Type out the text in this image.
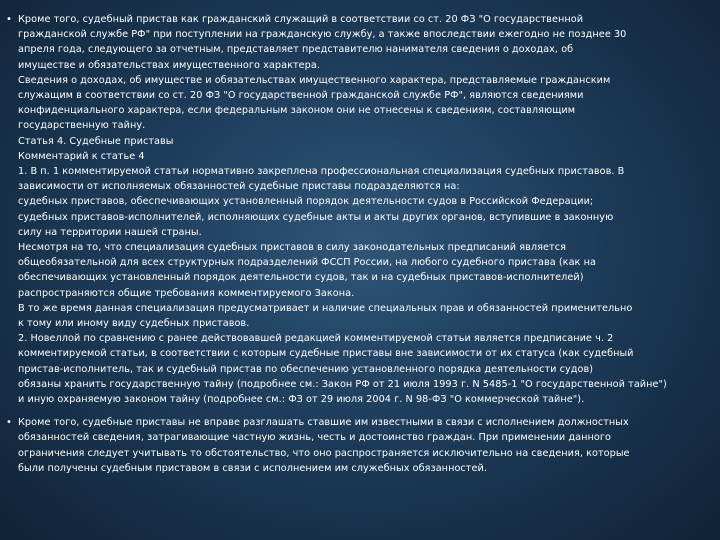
• Кроме того, судебный пристав как гражданский служащий в соответствии со ст. 20 ФЗ "О государственной
гражданской службе РФ" при поступлении на гражданскую службу, а также впоследствии ежегодно не позднее 30
апреля года, следующего за отчетным, представляет представителю нанимателя сведения о доходах, об
имуществе и обязательствах имущественного характера.
Сведения о доходах, об имуществе и обязательствах имущественного характера, представляемые гражданским
служащим в соответствии со ст. 20 ФЗ "О государственной гражданской службе РФ", являются сведениями
конфиденциального характера, если федеральным законом они не отнесены к сведениям, составляющим
государственную тайну.
Статья 4. Судебные приставы
Комментарий к статье 4
1. В п. 1 комментируемой статьи нормативно закреплена профессиональная специализация судебных приставов. В
зависимости от исполняемых обязанностей судебные приставы подразделяются на:
судебных приставов, обеспечивающих установленный порядок деятельности судов в Российской Федерации;
судебных приставов-исполнителей, исполняющих судебные акты и акты других органов, вступившие в законную
силу на территории нашей страны.
Несмотря на то, что специализация судебных приставов в силу законодательных предписаний является
общеобязательной для всех структурных подразделений ФССП России, на любого судебного пристава (как на
обеспечивающих установленный порядок деятельности судов, так и на судебных приставов-исполнителей)
распространяются общие требования комментируемого Закона.
В то же время данная специализация предусматривает и наличие специальных прав и обязанностей применительно
к тому или иному виду судебных приставов.
2. Новеллой по сравнению с ранее действовавшей редакцией комментируемой статьи является предписание ч. 2
комментируемой статьи, в соответствии с которым судебные приставы вне зависимости от их статуса (как судебный
пристав-исполнитель, так и судебный пристав по обеспечению установленного порядка деятельности судов)
обязаны хранить государственную тайну (подробнее см.: Закон РФ от 21 июля 1993 г. N 5485-1 "О государственной тайне")
и иную охраняемую законом тайну (подробнее см.: ФЗ от 29 июля 2004 г. N 98-ФЗ "О коммерческой тайне").
• Кроме того, судебные приставы не вправе разглашать ставшие им известными в связи с исполнением должностных
обязанностей сведения, затрагивающие частную жизнь, честь и достоинство граждан. При применении данного
ограничения следует учитывать то обстоятельство, что оно распространяется исключительно на сведения, которые
были получены судебным приставом в связи с исполнением им служебных обязанностей.
